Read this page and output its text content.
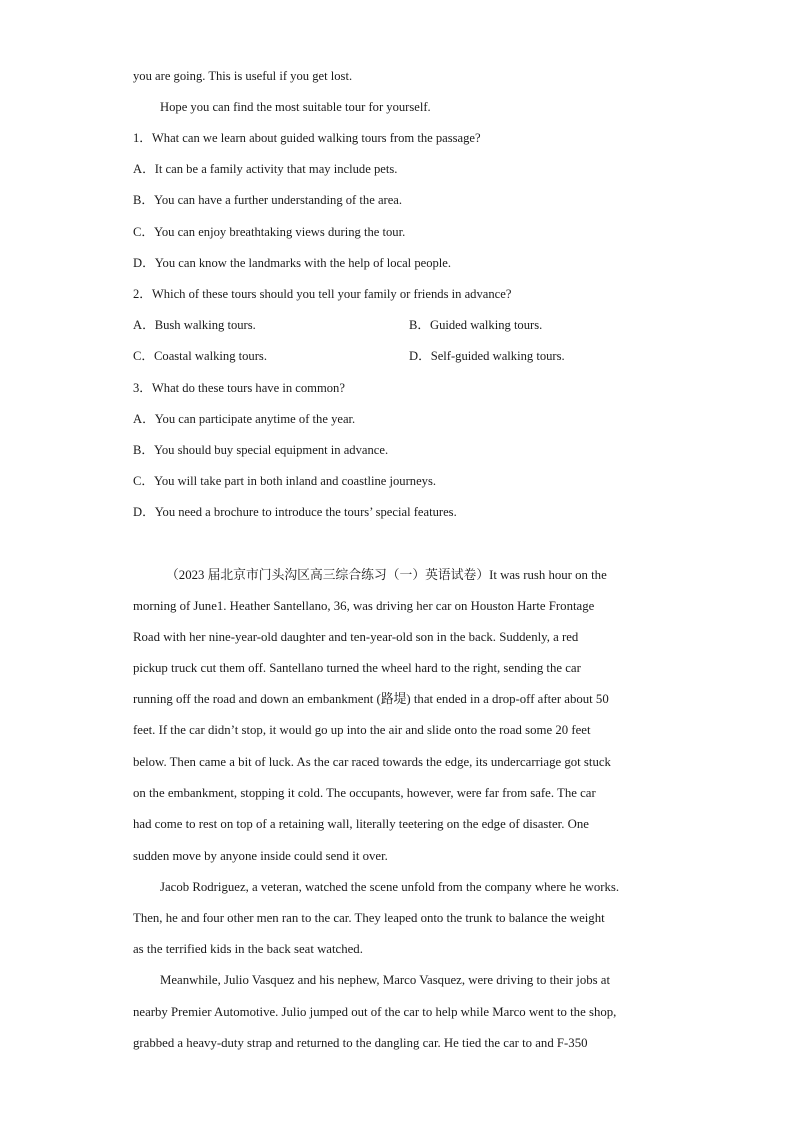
you are going. This is useful if you get lost.
Hope you can find the most suitable tour for yourself.
1．What can we learn about guided walking tours from the passage?
A．It can be a family activity that may include pets.
B．You can have a further understanding of the area.
C．You can enjoy breathtaking views during the tour.
D．You can know the landmarks with the help of local people.
2．Which of these tours should you tell your family or friends in advance?
A．Bush walking tours.	B．Guided walking tours.
C．Coastal walking tours.	D．Self-guided walking tours.
3．What do these tours have in common?
A．You can participate anytime of the year.
B．You should buy special equipment in advance.
C．You will take part in both inland and coastline journeys.
D．You need a brochure to introduce the tours’ special features.
（2023 届北京市门头沟区高三综合练习（一）英语试卷）It was rush hour on the
morning of June1. Heather Santellano, 36, was driving her car on Houston Harte Frontage
Road with her nine-year-old daughter and ten-year-old son in the back. Suddenly, a red
pickup truck cut them off. Santellano turned the wheel hard to the right, sending the car
running off the road and down an embankment (路堤) that ended in a drop-off after about 50
feet. If the car didn’t stop, it would go up into the air and slide onto the road some 20 feet
below. Then came a bit of luck. As the car raced towards the edge, its undercarriage got stuck
on the embankment, stopping it cold. The occupants, however, were far from safe. The car
had come to rest on top of a retaining wall, literally teetering on the edge of disaster. One
sudden move by anyone inside could send it over.
Jacob Rodriguez, a veteran, watched the scene unfold from the company where he works.
Then, he and four other men ran to the car. They leaped onto the trunk to balance the weight
as the terrified kids in the back seat watched.
Meanwhile, Julio Vasquez and his nephew, Marco Vasquez, were driving to their jobs at
nearby Premier Automotive. Julio jumped out of the car to help while Marco went to the shop,
grabbed a heavy-duty strap and returned to the dangling car. He tied the car to and F-350
